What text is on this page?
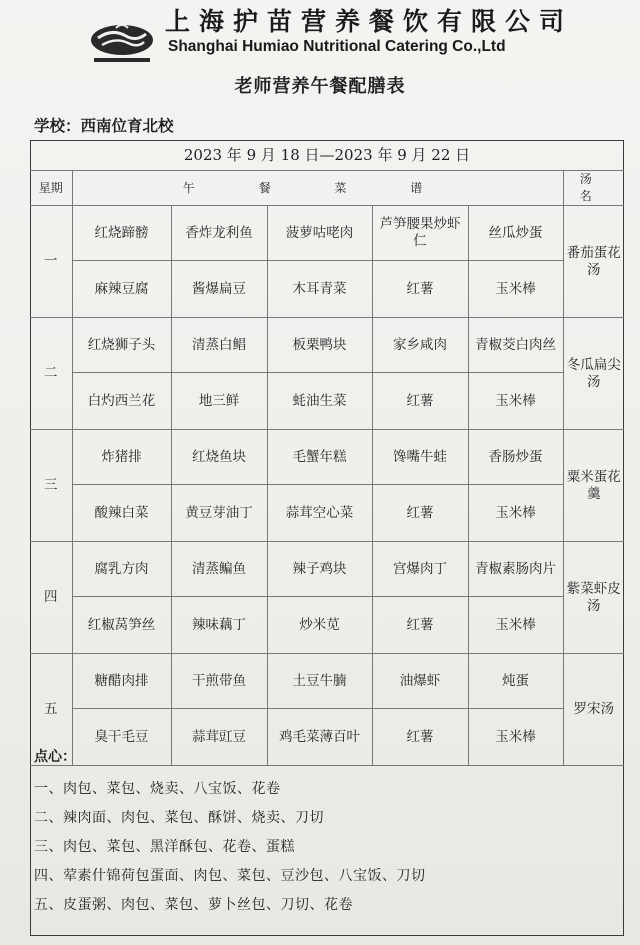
上海护苗营养餐饮有限公司
Shanghai Humiao Nutritional Catering Co.,Ltd
老师营养午餐配膳表
学校：西南位育北校
2023 年 9 月 18 日—2023 年 9 月 22 日						
星期	午 餐 菜 谱					汤 名
一	红烧蹄髈	香炸龙利鱼	菠萝咕咾肉	芦笋腰果炒虾仁	丝瓜炒蛋	番茄蛋花汤
	麻辣豆腐	酱爆扁豆	木耳青菜	红薯	玉米棒	
二	红烧狮子头	清蒸白鲳	板栗鸭块	家乡咸肉	青椒茭白肉丝	冬瓜扁尖汤
	白灼西兰花	地三鲜	蚝油生菜	红薯	玉米棒	
三	炸猪排	红烧鱼块	毛蟹年糕	馋嘴牛蛙	香肠炒蛋	粟米蛋花羹
	酸辣白菜	黄豆芽油丁	蒜茸空心菜	红薯	玉米棒	
四	腐乳方肉	清蒸鳊鱼	辣子鸡块	宫爆肉丁	青椒素肠肉片	紫菜虾皮汤
	红椒莴笋丝	辣味藕丁	炒米苋	红薯	玉米棒	
五	糖醋肉排	干煎带鱼	土豆牛腩	油爆虾	炖蛋	罗宋汤
	臭干毛豆	蒜茸豇豆	鸡毛菜薄百叶	红薯	玉米棒	
点心：
一、肉包、菜包、烧卖、八宝饭、花卷
二、辣肉面、肉包、菜包、酥饼、烧卖、刀切
三、肉包、菜包、黑洋酥包、花卷、蛋糕
四、荤素什锦荷包蛋面、肉包、菜包、豆沙包、八宝饭、刀切
五、皮蛋粥、肉包、菜包、萝卜丝包、刀切、花卷
